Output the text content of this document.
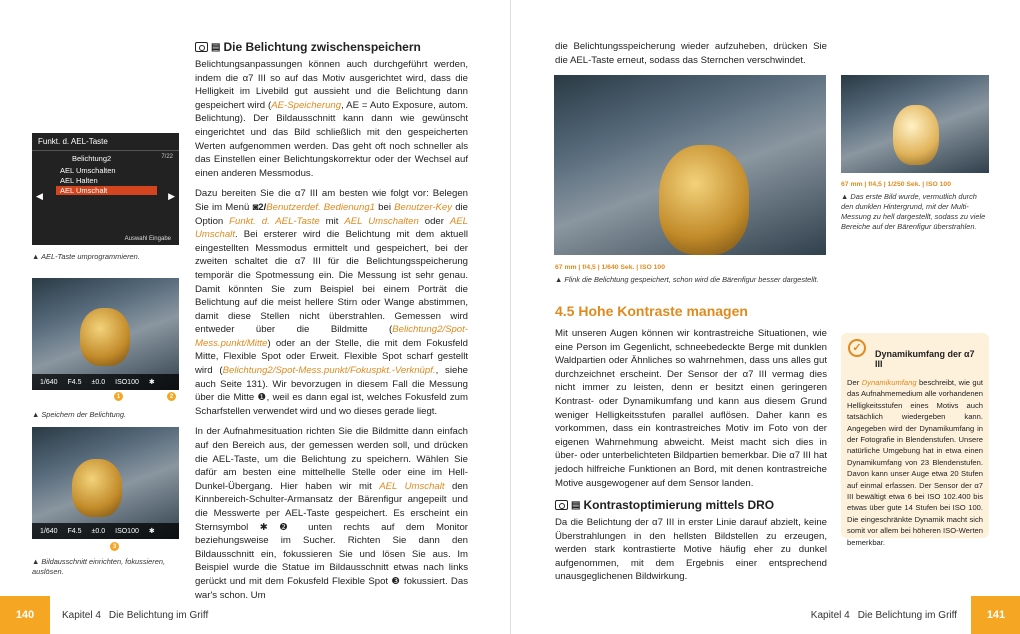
Funkt. d. AEL-Taste
Belichtung2	7/22
◀	▶
AEL Umschalten
AEL Halten
AEL Umschalt
Auswahl Eingabe
▲ AEL-Taste umprogrammieren.
1/640 F4.5 ±0.0 ISO100 ✱
1	2
▲ Speichern der Belichtung.
1/640 F4.5 ±0.0 ISO100 ✱
3
▲ Bildausschnitt einrichten, fokussieren, auslösen.
▤ Die Belichtung zwischenspeichern

Belichtungsanpassungen können auch durchgeführt werden, indem die α7 III so auf das Motiv ausgerichtet wird, dass die Helligkeit im Livebild gut aussieht und die Belichtung dann gespeichert wird (AE-Speicherung, AE = Auto Exposure, autom. Belichtung). Der Bildausschnitt kann dann wie gewünscht eingerichtet und das Bild schließlich mit den gespeicherten Werten aufgenommen werden. Das geht oft noch schneller als das Einstellen einer Belichtungskorrektur oder der Wechsel auf einen anderen Messmodus.

Dazu bereiten Sie die α7 III am besten wie folgt vor: Belegen Sie im Menü ◙2/Benutzerdef. Bedienung1 bei Benutzer-Key die Option Funkt. d. AEL-Taste mit AEL Umschalten oder AEL Umschalt. Bei ersterer wird die Belichtung mit dem aktuell eingestellten Messmodus ermittelt und gespeichert, bei der zweiten schaltet die α7 III für die Belichtungsspeicherung temporär die Spotmessung ein. Die Messung ist sehr genau. Damit könnten Sie zum Beispiel bei einem Porträt die Belichtung auf die meist hellere Stirn oder Wange abstimmen, damit diese Stellen nicht überstrahlen. Gemessen wird entweder über die Bildmitte (Belichtung2/Spot-Mess.punkt/Mitte) oder an der Stelle, die mit dem Fokusfeld Mitte, Flexible Spot oder Erweit. Flexible Spot scharf gestellt wird (Belichtung2/Spot-Mess.punkt/Fokuspkt.-Verknüpf., siehe auch Seite 131). Wir bevorzugen in diesem Fall die Messung über die Mitte ❶, weil es dann egal ist, welches Fokusfeld zum Scharfstellen verwendet wird und wo dieses gerade liegt.

In der Aufnahmesituation richten Sie die Bildmitte dann einfach auf den Bereich aus, der gemessen werden soll, und drücken die AEL-Taste, um die Belichtung zu speichern. Wählen Sie dafür am besten eine mittelhelle Stelle oder eine im Hell-Dunkel-Übergang. Hier haben wir mit AEL Umschalt den Kinnbereich-Schulter-Armansatz der Bärenfigur angepeilt und die Messwerte per AEL-Taste gespeichert. Es erscheint ein Sternsymbol ✱ ❷ unten rechts auf dem Monitor beziehungsweise im Sucher. Richten Sie dann den Bildausschnitt ein, fokussieren Sie und lösen Sie aus. Im Beispiel wurde die Statue im Bildausschnitt etwas nach links gerückt und mit dem Fokusfeld Flexible Spot ❸ fokussiert. Das war's schon. Um

140	Kapitel 4 Die Belichtung im Griff

die Belichtungsspeicherung wieder aufzuheben, drücken Sie die AEL-Taste erneut, sodass das Sternchen verschwindet.

67 mm | f/4,5 | 1/640 Sek. | ISO 100
▲ Flink die Belichtung gespeichert, schon wird die Bärenfigur besser dargestellt.
67 mm | f/4,5 | 1/250 Sek. | ISO 100
▲ Das erste Bild wurde, vermutlich durch den dunklen Hintergrund, mit der Multi-Messung zu hell dargestellt, sodass zu viele Bereiche auf der Bärenfigur überstrahlen.
4.5 Hohe Kontraste managen

Mit unseren Augen können wir kontrastreiche Situationen, wie eine Person im Gegenlicht, schneebedeckte Berge mit dunklen Waldpartien oder Ähnliches so wahrnehmen, dass uns alles gut durchzeichnet erscheint. Der Sensor der α7 III vermag dies nicht immer zu leisten, denn er besitzt einen geringeren Kontrast- oder Dynamikumfang und kann aus diesem Grund weniger Helligkeitsstufen parallel auflösen. Daher kann es vorkommen, dass ein kontrastreiches Motiv im Foto von der eigenen Wahrnehmung abweicht. Meist macht sich dies in über- oder unterbelichteten Bildpartien bemerkbar. Die α7 III hat jedoch hilfreiche Funktionen an Bord, mit denen kontrastreiche Motive ausgewogener auf dem Sensor landen.

▤ Kontrastoptimierung mittels DRO

Da die Belichtung der α7 III in erster Linie darauf abzielt, keine Überstrahlungen in den hellsten Bildstellen zu erzeugen, werden stark kontrastierte Motive häufig eher zu dunkel aufgenommen, mit dem Ergebnis einer entsprechend unausgeglichenen Bildwirkung.

Kapitel 4 Die Belichtung im Griff	141
✓	Dynamikumfang der α7 III

Der Dynamikumfang beschreibt, wie gut das Aufnahmemedium alle vorhandenen Helligkeitsstufen eines Motivs auch tatsächlich wiedergeben kann. Angegeben wird der Dynamikumfang in der Fotografie in Blendenstufen. Unsere natürliche Umgebung hat in etwa einen Dynamikumfang von 23 Blendenstufen. Davon kann unser Auge etwa 20 Stufen auf einmal erfassen. Der Sensor der α7 III bewältigt etwa 6 bei ISO 102.400 bis etwas über gute 14 Stufen bei ISO 100. Die eingeschränkte Dynamik macht sich somit vor allem bei höheren ISO-Werten bemerkbar.
